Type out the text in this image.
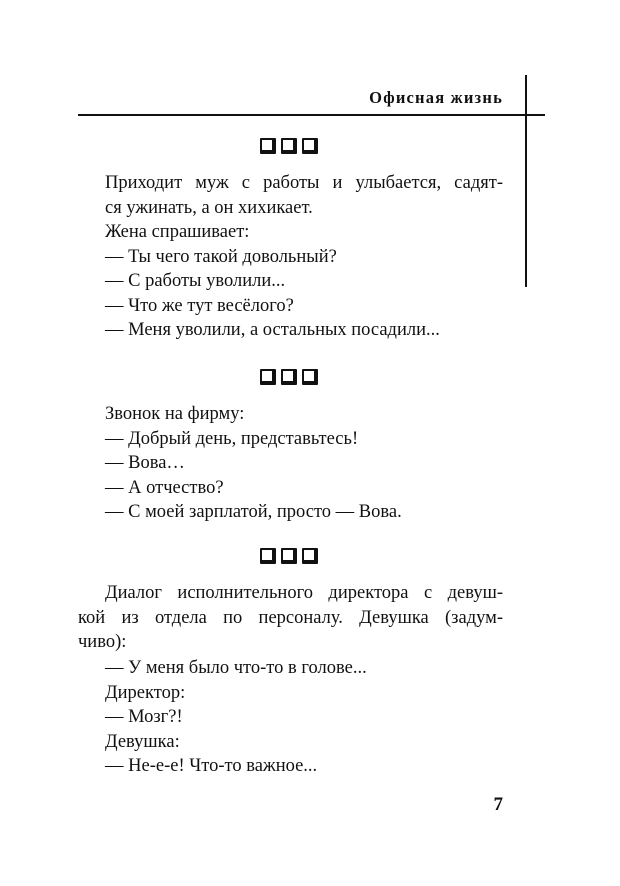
Офисная жизнь

Приходит муж с работы и улыбается, садят-

ся ужинать, а он хихикает.

Жена спрашивает:

— Ты чего такой довольный?

— С работы уволили...

— Что же тут весёлого?

— Меня уволили, а остальных посадили...

Звонок на фирму:

— Добрый день, представьтесь!

— Вова…

— А отчество?

— С моей зарплатой, просто — Вова.

Диалог исполнительного директора с девуш-

кой из отдела по персоналу. Девушка (задум-

чиво):

— У меня было что-то в голове...

Директор:

— Мозг?!

Девушка:

— Не-е-е! Что-то важное...

7
